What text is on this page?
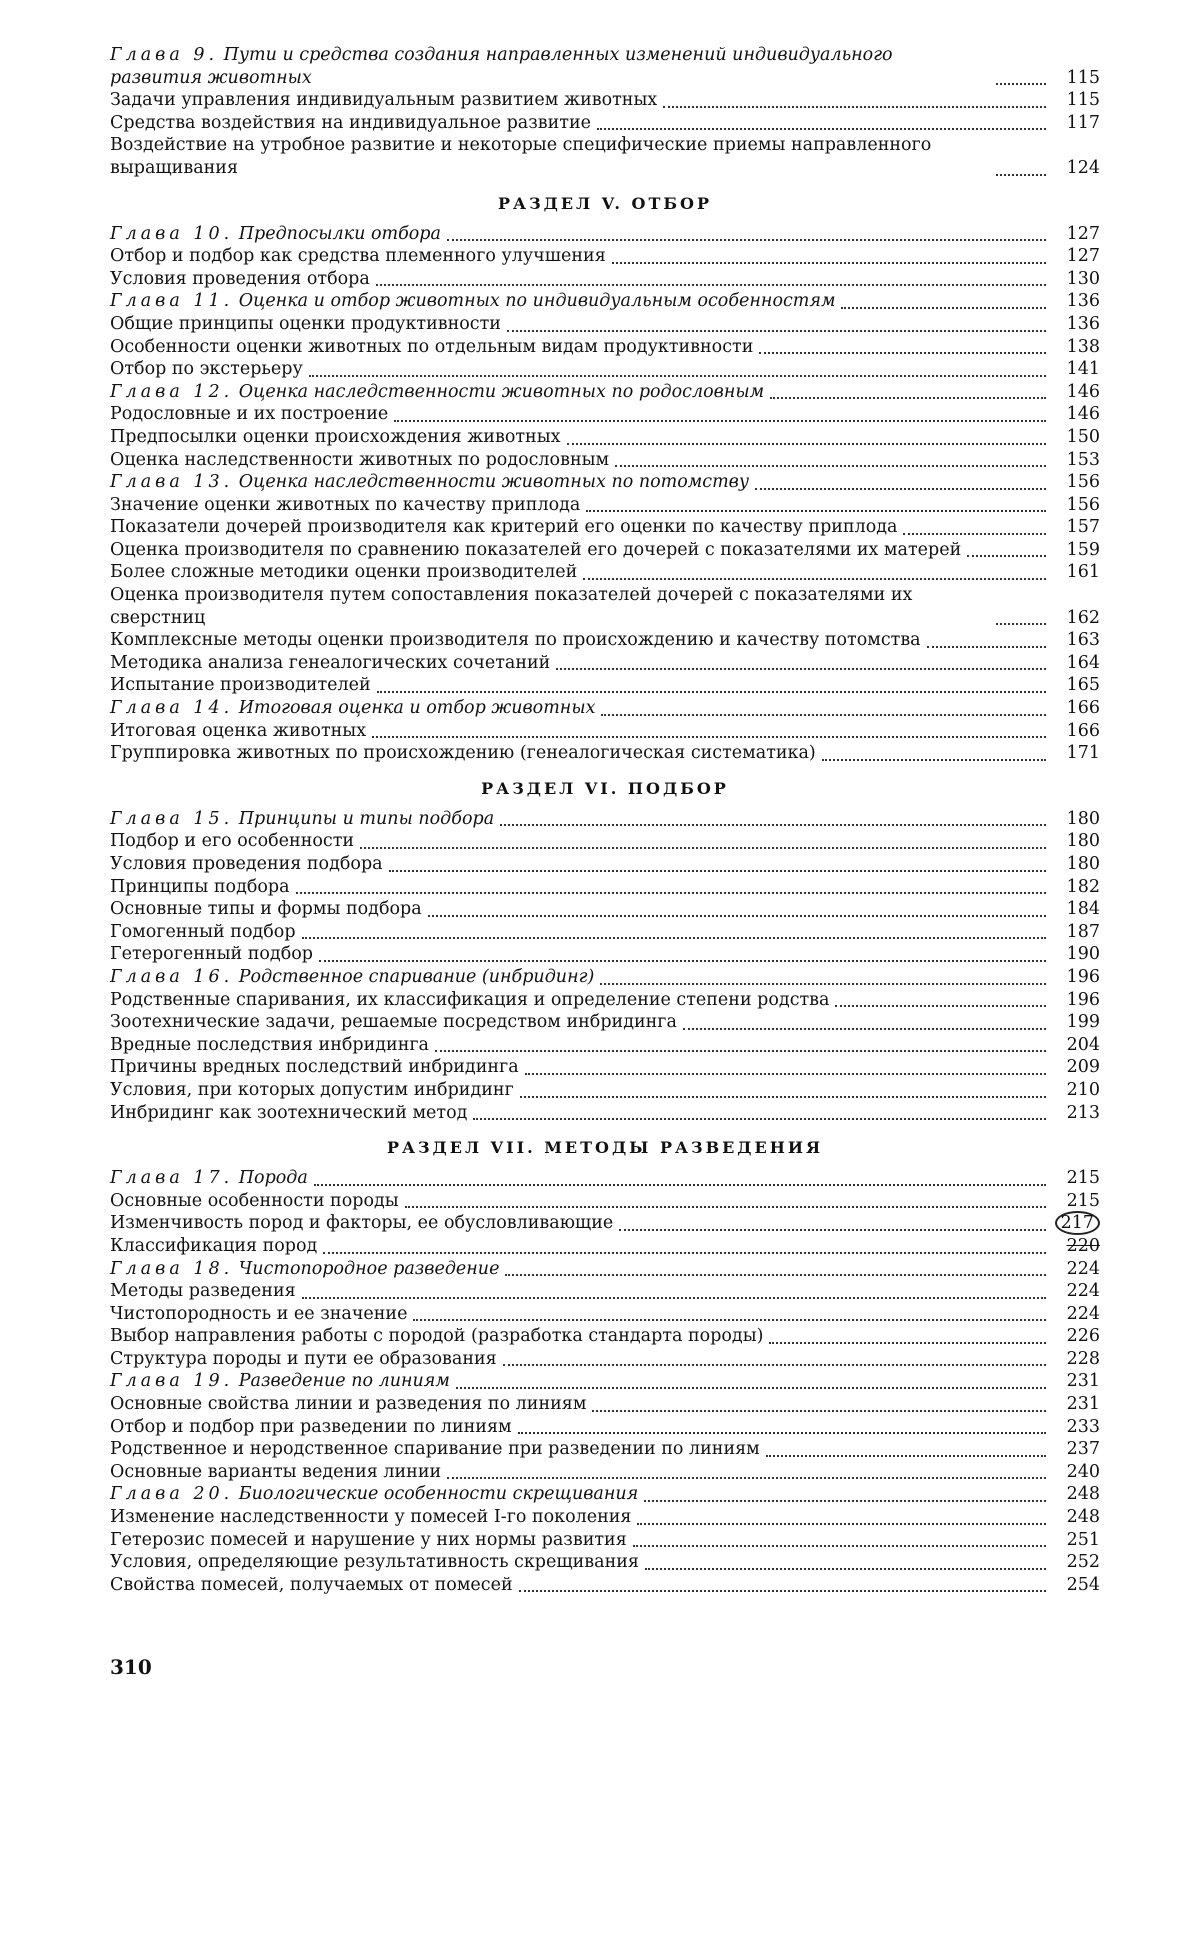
Глава 9. Пути и средства создания направленных изменений индивидуального развития животных	115
Задачи управления индивидуальным развитием животных	115
Средства воздействия на индивидуальное развитие	117
Воздействие на утробное развитие и некоторые специфические приемы направленного выращивания	124
РАЗДЕЛ V. ОТБОР
Глава 10. Предпосылки отбора	127
Отбор и подбор как средства племенного улучшения	127
Условия проведения отбора	130
Глава 11. Оценка и отбор животных по индивидуальным особенностям	136
Общие принципы оценки продуктивности	136
Особенности оценки животных по отдельным видам продуктивности	138
Отбор по экстерьеру	141
Глава 12. Оценка наследственности животных по родословным	146
Родословные и их построение	146
Предпосылки оценки происхождения животных	150
Оценка наследственности животных по родословным	153
Глава 13. Оценка наследственности животных по потомству	156
Значение оценки животных по качеству приплода	156
Показатели дочерей производителя как критерий его оценки по качеству приплода	157
Оценка производителя по сравнению показателей его дочерей с показателями их матерей	159
Более сложные методики оценки производителей	161
Оценка производителя путем сопоставления показателей дочерей с показателями их сверстниц	162
Комплексные методы оценки производителя по происхождению и качеству потомства	163
Методика анализа генеалогических сочетаний	164
Испытание производителей	165
Глава 14. Итоговая оценка и отбор животных	166
Итоговая оценка животных	166
Группировка животных по происхождению (генеалогическая систематика)	171
РАЗДЕЛ VI. ПОДБОР
Глава 15. Принципы и типы подбора	180
Подбор и его особенности	180
Условия проведения подбора	180
Принципы подбора	182
Основные типы и формы подбора	184
Гомогенный подбор	187
Гетерогенный подбор	190
Глава 16. Родственное спаривание (инбридинг)	196
Родственные спаривания, их классификация и определение степени родства	196
Зоотехнические задачи, решаемые посредством инбридинга	199
Вредные последствия инбридинга	204
Причины вредных последствий инбридинга	209
Условия, при которых допустим инбридинг	210
Инбридинг как зоотехнический метод	213
РАЗДЕЛ VII. МЕТОДЫ РАЗВЕДЕНИЯ
Глава 17. Порода	215
Основные особенности породы	215
Изменчивость пород и факторы, ее обусловливающие	217
Классификация пород	220
Глава 18. Чистопородное разведение	224
Методы разведения	224
Чистопородность и ее значение	224
Выбор направления работы с породой (разработка стандарта породы)	226
Структура породы и пути ее образования	228
Глава 19. Разведение по линиям	231
Основные свойства линии и разведения по линиям	231
Отбор и подбор при разведении по линиям	233
Родственное и неродственное спаривание при разведении по линиям	237
Основные варианты ведения линии	240
Глава 20. Биологические особенности скрещивания	248
Изменение наследственности у помесей I-го поколения	248
Гетерозис помесей и нарушение у них нормы развития	251
Условия, определяющие результативность скрещивания	252
Свойства помесей, получаемых от помесей	254
310
